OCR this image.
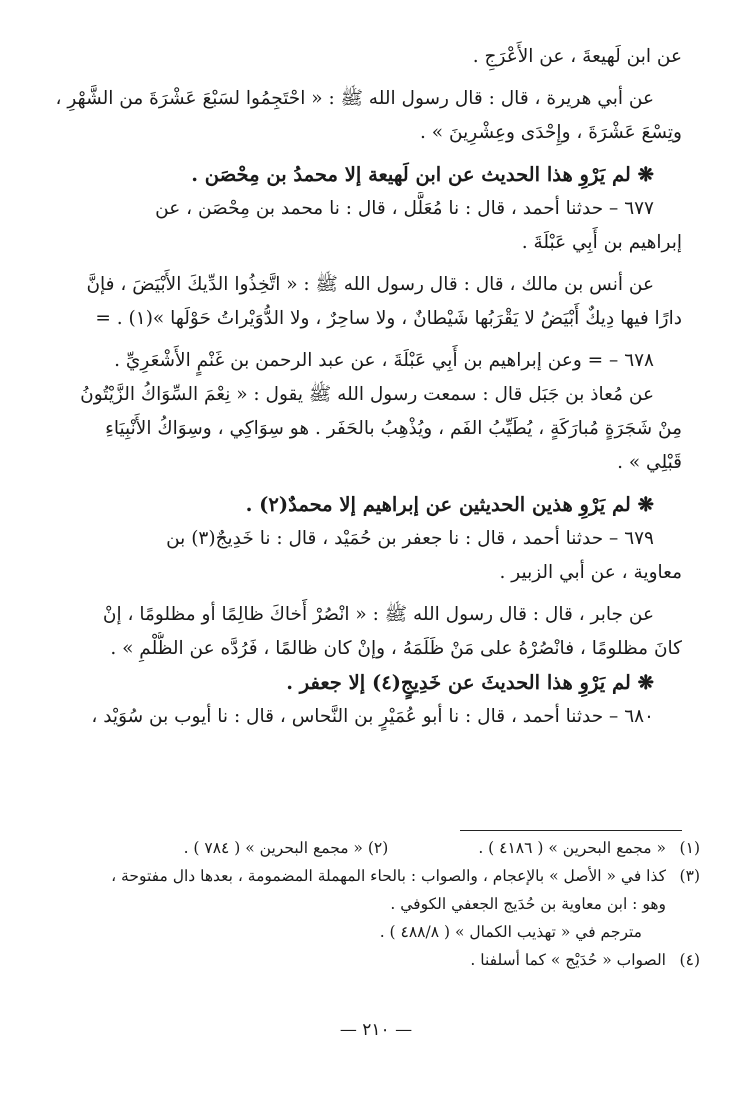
عن ابن لَهيعةَ ، عن الأَعْرَجِ .
عن أبي هريرة ، قال : قال رسول الله ﷺ : « احْتَجِمُوا لسَبْعَ عَشْرَةَ من الشَّهْرِ ،
وتِسْعَ عَشْرَةَ ، وإِحْدَى وعِشْرِينَ » .
❋ لم يَرْوِ هذا الحديث عن ابن لَهيعة إلا محمدُ بن مِحْصَن .
٦٧٧ – حدثنا أحمد ، قال : نا مُعَلَّل ، قال : نا محمد بن مِحْصَن ، عن
إبراهيم بن أَبِي عَبْلَةَ .
عن أنس بن مالك ، قال : قال رسول الله ﷺ : « اتَّخِذُوا الدِّيكَ الأَبْيَضَ ، فإنَّ
دارًا فيها دِيكٌ أَبْيَضُ لا يَقْرَبُها شَيْطانٌ ، ولا ساحِرٌ ، ولا الدُّوَيْراتُ حَوْلَها »(١) . =
٦٧٨ – = وعن إبراهيم بن أَبِي عَبْلَةَ ، عن عبد الرحمن بن غَنْمٍ الأَشْعَرِيِّ .
عن مُعاذ بن جَبَل قال : سمعت رسول الله ﷺ يقول : « نِعْمَ السِّوَاكُ الزَّيْتُونُ
مِنْ شَجَرَةٍ مُبارَكَةٍ ، يُطَيِّبُ الفَم ، ويُذْهِبُ بالحَفَر . هو سِوَاكِي ، وسِوَاكُ الأَنْبِيَاءِ
قَبْلِي » .
❋ لم يَرْوِ هذين الحديثين عن إبراهيم إلا محمدٌ(٢) .
٦٧٩ – حدثنا أحمد ، قال : نا جعفر بن حُمَيْد ، قال : نا خَدِيجٌ(٣) بن
معاوية ، عن أبي الزبير .
عن جابر ، قال : قال رسول الله ﷺ : « انْصُرْ أَخاكَ ظالِمًا أو مظلومًا ، إنْ
كانَ مظلومًا ، فانْصُرْهُ على مَنْ ظَلَمَهُ ، وإنْ كان ظالمًا ، فَرُدَّه عن الظُّلْمِ » .
❋ لم يَرْوِ هذا الحديثَ عن خَدِيجٍ(٤) إلا جعفر .
٦٨٠ – حدثنا أحمد ، قال : نا أبو عُمَيْرٍ بن النَّحاس ، قال : نا أيوب بن سُوَيْد ،
(١)« مجمع البحرين » ( ٤١٨٦ ) .
(٢) « مجمع البحرين » ( ٧٨٤ ) .
(٣)كذا في « الأصل » بالإعجام ، والصواب : بالحاء المهملة المضمومة ، بعدها دال مفتوحة ،
وهو : ابن معاوية بن حُدَيج الجعفي الكوفي .
مترجم في « تهذيب الكمال » ( ٤٨٨/٨ ) .
(٤)الصواب « حُدَيْج » كما أسلفنا .
— ٢١٠ —
